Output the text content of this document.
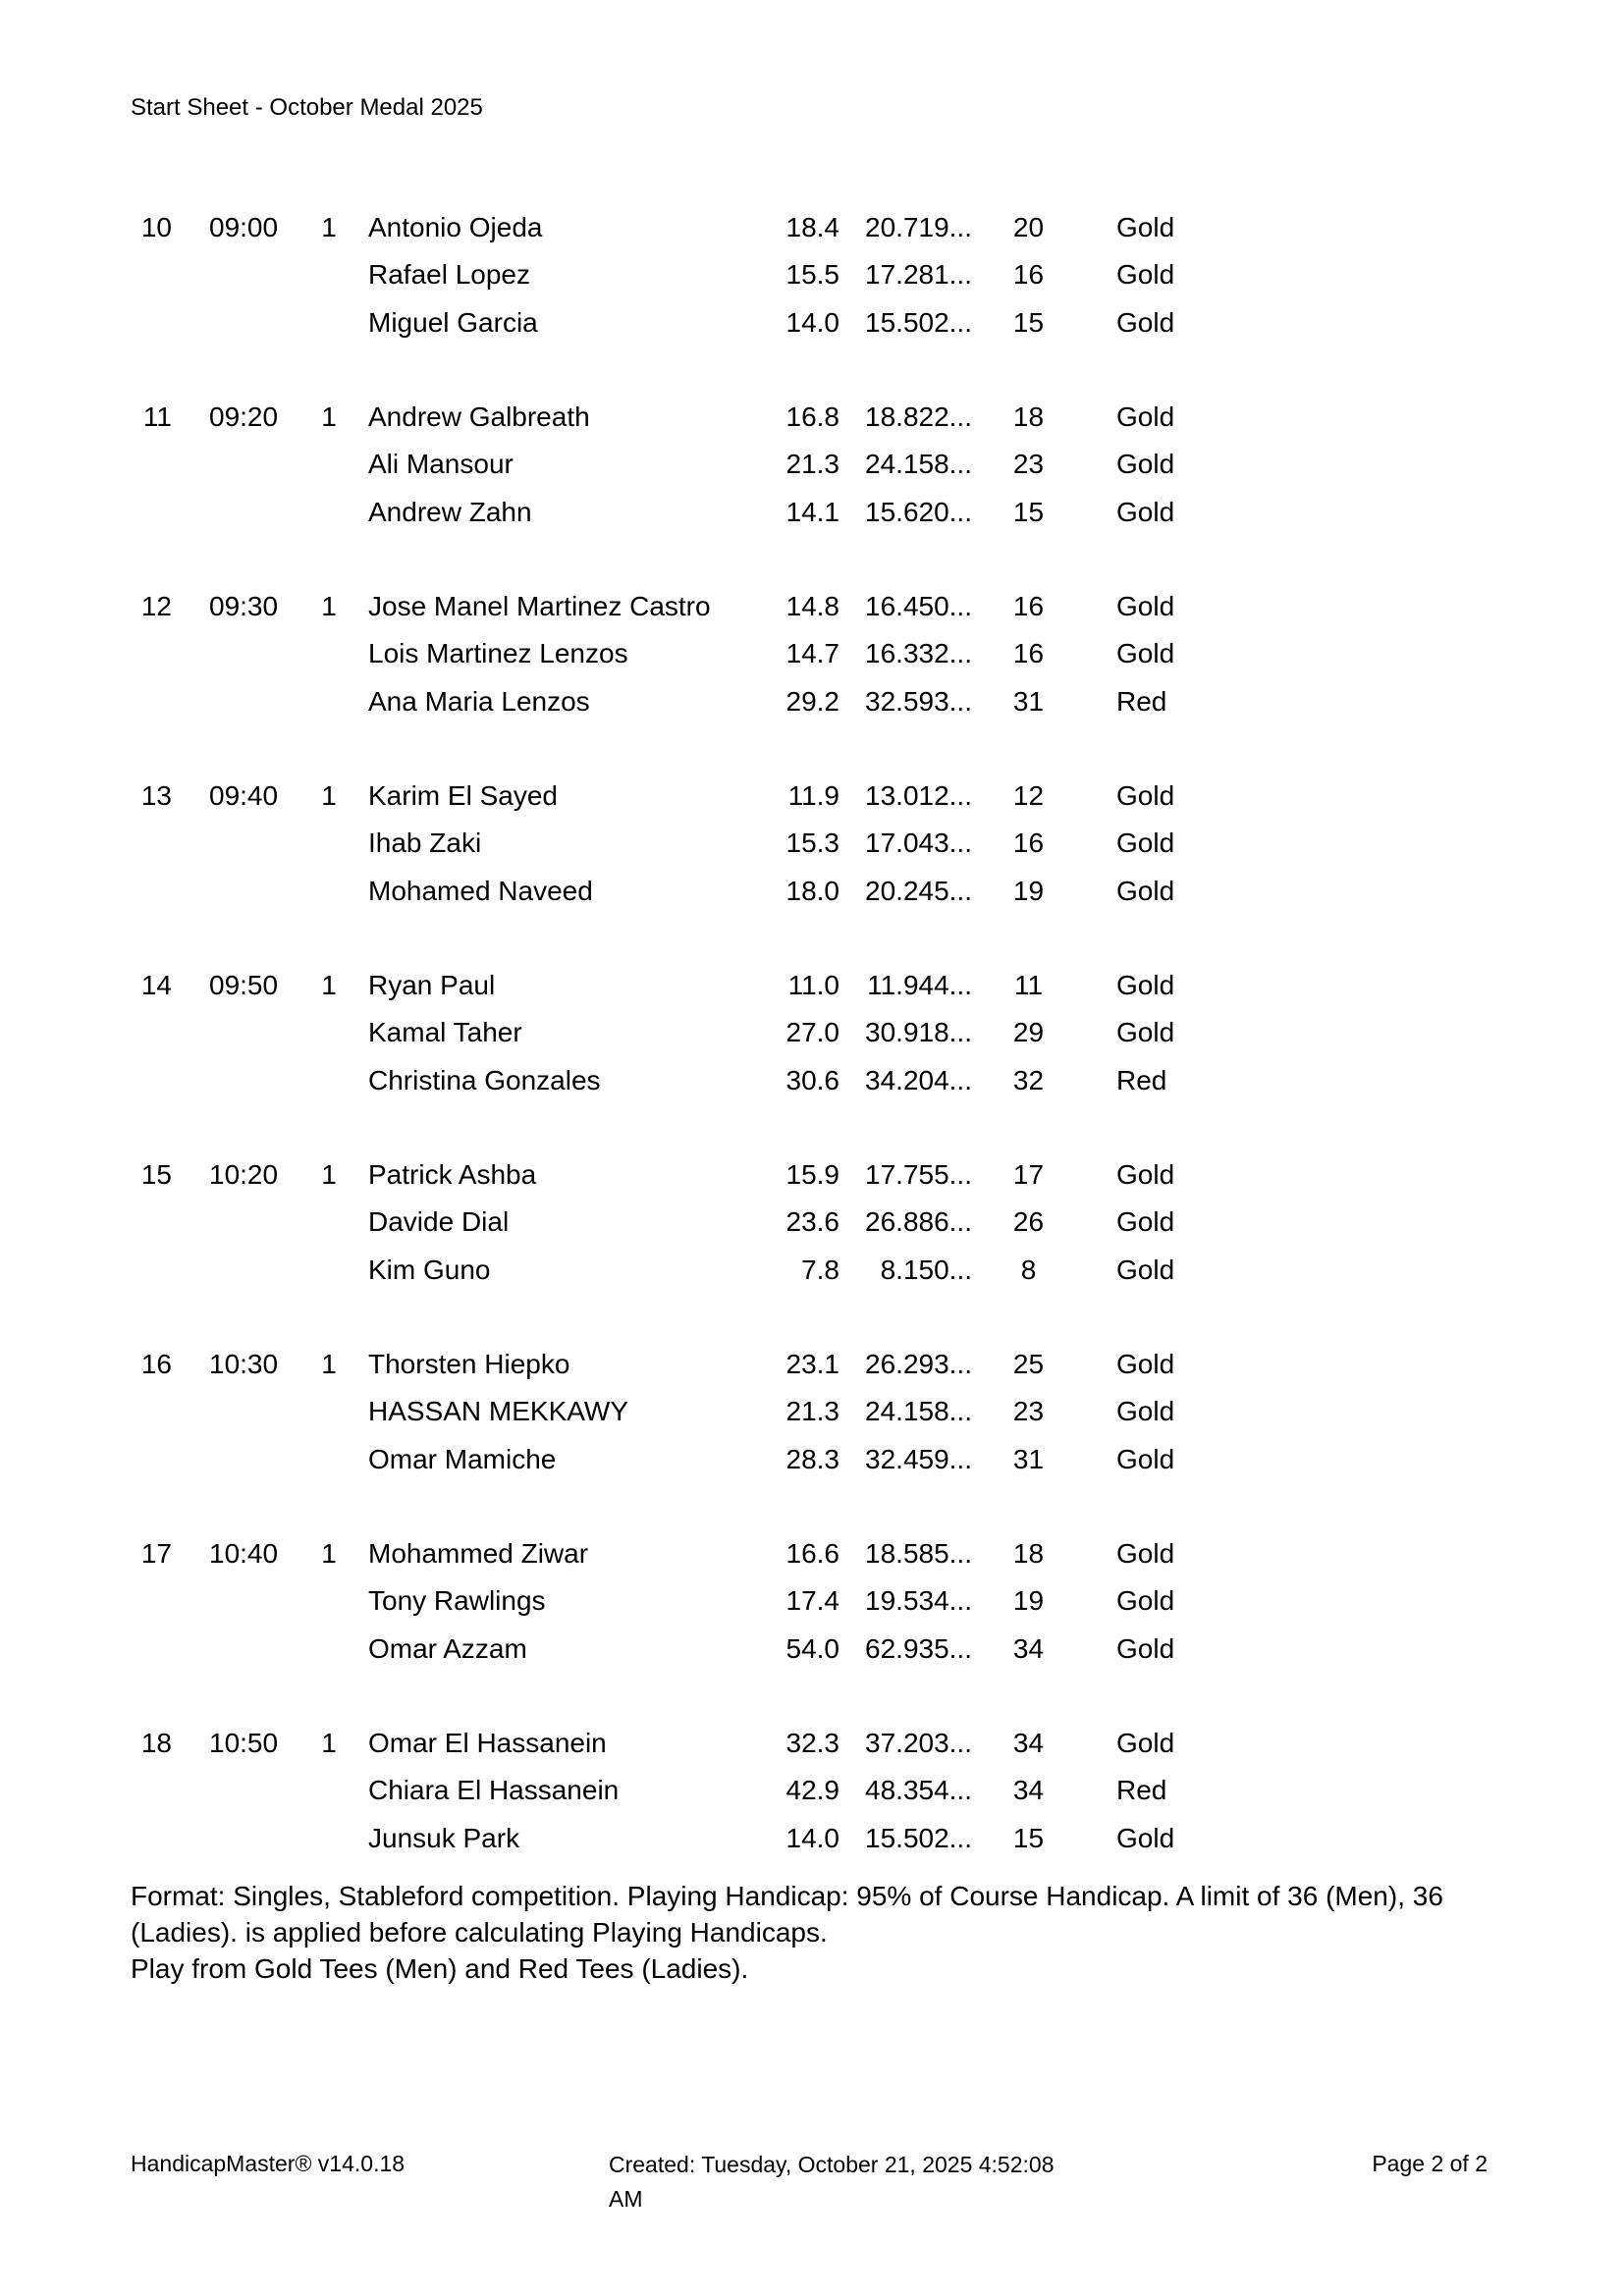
Start Sheet - October Medal 2025
10 09:00	1 Antonio Ojeda	18.4 20.719...	20	Gold
Rafael Lopez	15.5 17.281...	16	Gold
Miguel Garcia	14.0 15.502...	15	Gold
11 09:20	1 Andrew Galbreath	16.8 18.822...	18	Gold
Ali Mansour	21.3 24.158...	23	Gold
Andrew Zahn	14.1 15.620...	15	Gold
12 09:30	1 Jose Manel Martinez Castro	14.8 16.450...	16	Gold
Lois Martinez Lenzos	14.7 16.332...	16	Gold
Ana Maria Lenzos	29.2 32.593...	31	Red
13 09:40	1 Karim El Sayed	11.9 13.012...	12	Gold
Ihab Zaki	15.3 17.043...	16	Gold
Mohamed Naveed	18.0 20.245...	19	Gold
14 09:50	1 Ryan Paul	11.0	11.944...	11	Gold
Kamal Taher	27.0 30.918...	29	Gold
Christina Gonzales	30.6 34.204...	32	Red
15 10:20	1 Patrick Ashba	15.9 17.755...	17	Gold
Davide Dial	23.6 26.886...	26	Gold
Kim Guno	7.8	8.150...	8	Gold
16 10:30	1 Thorsten Hiepko	23.1 26.293...	25	Gold
HASSAN MEKKAWY	21.3 24.158...	23	Gold
Omar Mamiche	28.3 32.459...	31	Gold
17 10:40	1 Mohammed Ziwar	16.6 18.585...	18	Gold
Tony Rawlings	17.4 19.534...	19	Gold
Omar Azzam	54.0 62.935...	34	Gold
18 10:50	1 Omar El Hassanein	32.3 37.203...	34	Gold
Chiara El Hassanein	42.9 48.354...	34	Red
Junsuk Park	14.0 15.502...	15	Gold
Format: Singles, Stableford competition. Playing Handicap: 95% of Course Handicap. A limit of 36 (Men), 36
(Ladies). is applied before calculating Playing Handicaps.
Play from Gold Tees (Men) and Red Tees (Ladies).
HandicapMaster® v14.0.18	Created: Tuesday, October 21, 2025 4:52:08
AM
Page 2 of 2
